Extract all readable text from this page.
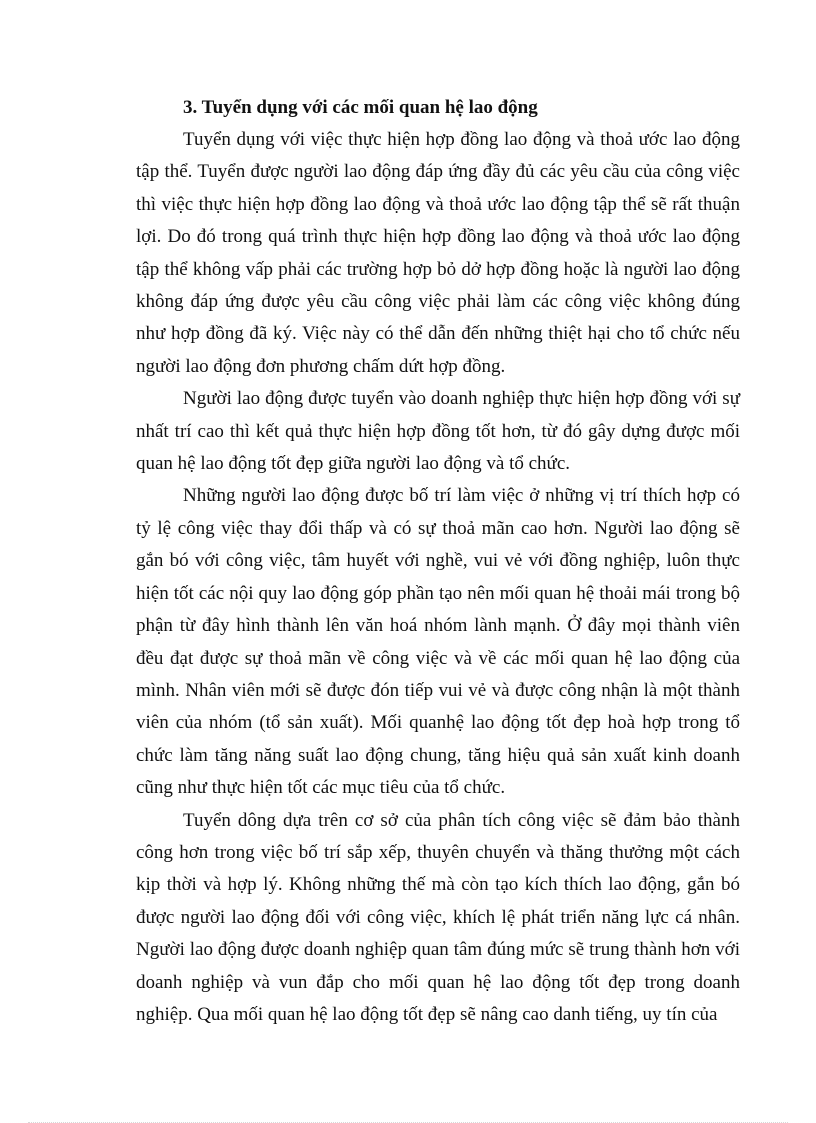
3. Tuyển dụng với các mối quan hệ lao động

Tuyển dụng với việc thực hiện hợp đồng lao động và thoả ước lao động tập thể. Tuyển được người lao động đáp ứng đầy đủ các yêu cầu của công việc thì việc thực hiện hợp đồng lao động và thoả ước lao động tập thể sẽ rất thuận lợi. Do đó trong quá trình thực hiện hợp đồng lao động và thoả ước lao động tập thể không vấp phải các trường hợp bỏ dở hợp đồng hoặc là người lao động không đáp ứng được yêu cầu công việc phải làm các công việc không đúng như hợp đồng đã ký. Việc này có thể dẫn đến những thiệt hại cho tổ chức nếu người lao động đơn phương chấm dứt hợp đồng.

Người lao động được tuyển vào doanh nghiệp thực hiện hợp đồng với sự nhất trí cao thì kết quả thực hiện hợp đồng tốt hơn, từ đó gây dựng được mối quan hệ lao động tốt đẹp giữa người lao động và tổ chức.

Những người lao động được bố trí làm việc ở những vị trí thích hợp có tỷ lệ công việc thay đổi thấp và có sự thoả mãn cao hơn. Người lao động sẽ gắn bó với công việc, tâm huyết với nghề, vui vẻ với đồng nghiệp, luôn thực hiện tốt các nội quy lao động góp phần tạo nên mối quan hệ thoải mái trong bộ phận từ đây hình thành lên văn hoá nhóm lành mạnh. Ở đây mọi thành viên đều đạt được sự thoả mãn về công việc và về các mối quan hệ lao động của mình. Nhân viên mới sẽ được đón tiếp vui vẻ và được công nhận là một thành viên của nhóm (tổ sản xuất). Mối quanhệ lao động tốt đẹp hoà hợp trong tổ chức làm tăng năng suất lao động chung, tăng hiệu quả sản xuất kinh doanh cũng như thực hiện tốt các mục tiêu của tổ chức.

Tuyển dông dựa trên cơ sở của phân tích công việc sẽ đảm bảo thành công hơn trong việc bố trí sắp xếp, thuyên chuyển và thăng thưởng một cách kịp thời và hợp lý. Không những thế mà còn tạo kích thích lao động, gắn bó được người lao động đối với công việc, khích lệ phát triển năng lực cá nhân. Người lao động được doanh nghiệp quan tâm đúng mức sẽ trung thành hơn với doanh nghiệp và vun đắp cho mối quan hệ lao động tốt đẹp trong doanh nghiệp. Qua mối quan hệ lao động tốt đẹp sẽ nâng cao danh tiếng, uy tín của
